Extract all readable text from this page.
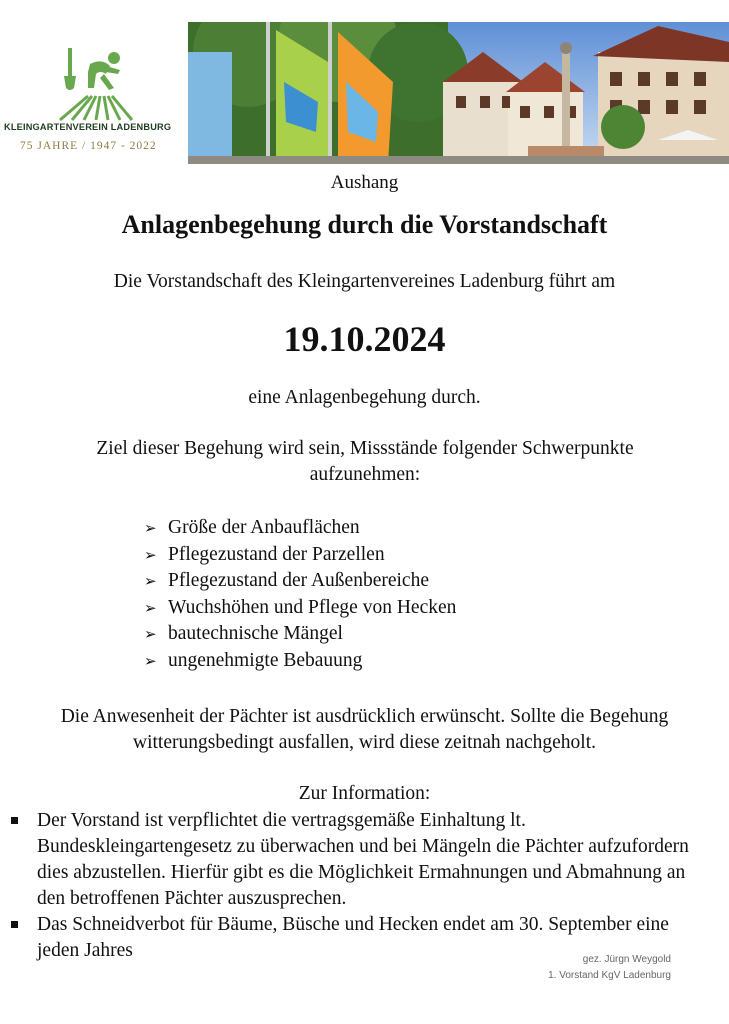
KLEINGARTENVEREIN LADENBURG
75 JAHRE / 1947 - 2022
Aushang
Anlagenbegehung durch die Vorstandschaft
Die Vorstandschaft des Kleingartenvereines Ladenburg führt am
19.10.2024
eine Anlagenbegehung durch.
Ziel dieser Begehung wird sein, Missstände folgender Schwerpunkte aufzunehmen:
➢ Größe der Anbauflächen
➢ Pflegezustand der Parzellen
➢ Pflegezustand der Außenbereiche
➢ Wuchshöhen und Pflege von Hecken
➢ bautechnische Mängel
➢ ungenehmigte Bebauung
Die Anwesenheit der Pächter ist ausdrücklich erwünscht. Sollte die Begehung witterungsbedingt ausfallen, wird diese zeitnah nachgeholt.
Zur Information:
Der Vorstand ist verpflichtet die vertragsgemäße Einhaltung lt. Bundeskleingartengesetz zu überwachen und bei Mängeln die Pächter aufzufordern dies abzustellen. Hierfür gibt es die Möglichkeit Ermahnungen und Abmahnung an den betroffenen Pächter auszusprechen.
Das Schneidverbot für Bäume, Büsche und Hecken endet am 30. September eine jeden Jahres	gez. Jürgn Weygold
1. Vorstand KgV Ladenburg
